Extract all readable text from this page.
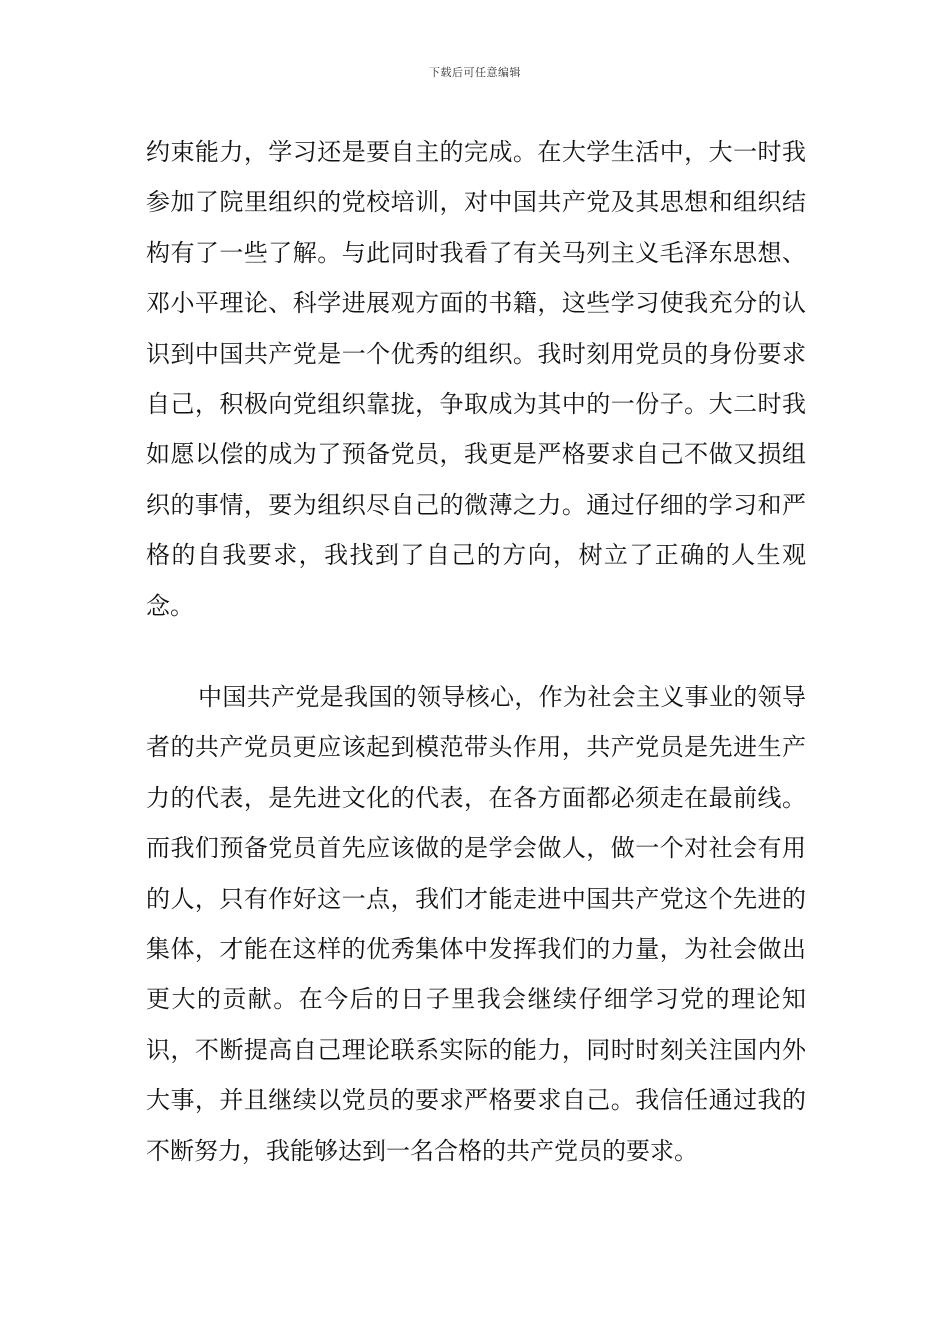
下载后可任意编辑

约束能力，学习还是要自主的完成。在大学生活中，大一时我参加了院里组织的党校培训，对中国共产党及其思想和组织结构有了一些了解。与此同时我看了有关马列主义毛泽东思想、邓小平理论、科学进展观方面的书籍，这些学习使我充分的认识到中国共产党是一个优秀的组织。我时刻用党员的身份要求自己，积极向党组织靠拢，争取成为其中的一份子。大二时我如愿以偿的成为了预备党员，我更是严格要求自己不做又损组织的事情，要为组织尽自己的微薄之力。通过仔细的学习和严格的自我要求，我找到了自己的方向，树立了正确的人生观念。

中国共产党是我国的领导核心，作为社会主义事业的领导者的共产党员更应该起到模范带头作用，共产党员是先进生产力的代表，是先进文化的代表，在各方面都必须走在最前线。而我们预备党员首先应该做的是学会做人，做一个对社会有用的人，只有作好这一点，我们才能走进中国共产党这个先进的集体，才能在这样的优秀集体中发挥我们的力量，为社会做出更大的贡献。在今后的日子里我会继续仔细学习党的理论知识，不断提高自己理论联系实际的能力，同时时刻关注国内外大事，并且继续以党员的要求严格要求自己。我信任通过我的不断努力，我能够达到一名合格的共产党员的要求。
